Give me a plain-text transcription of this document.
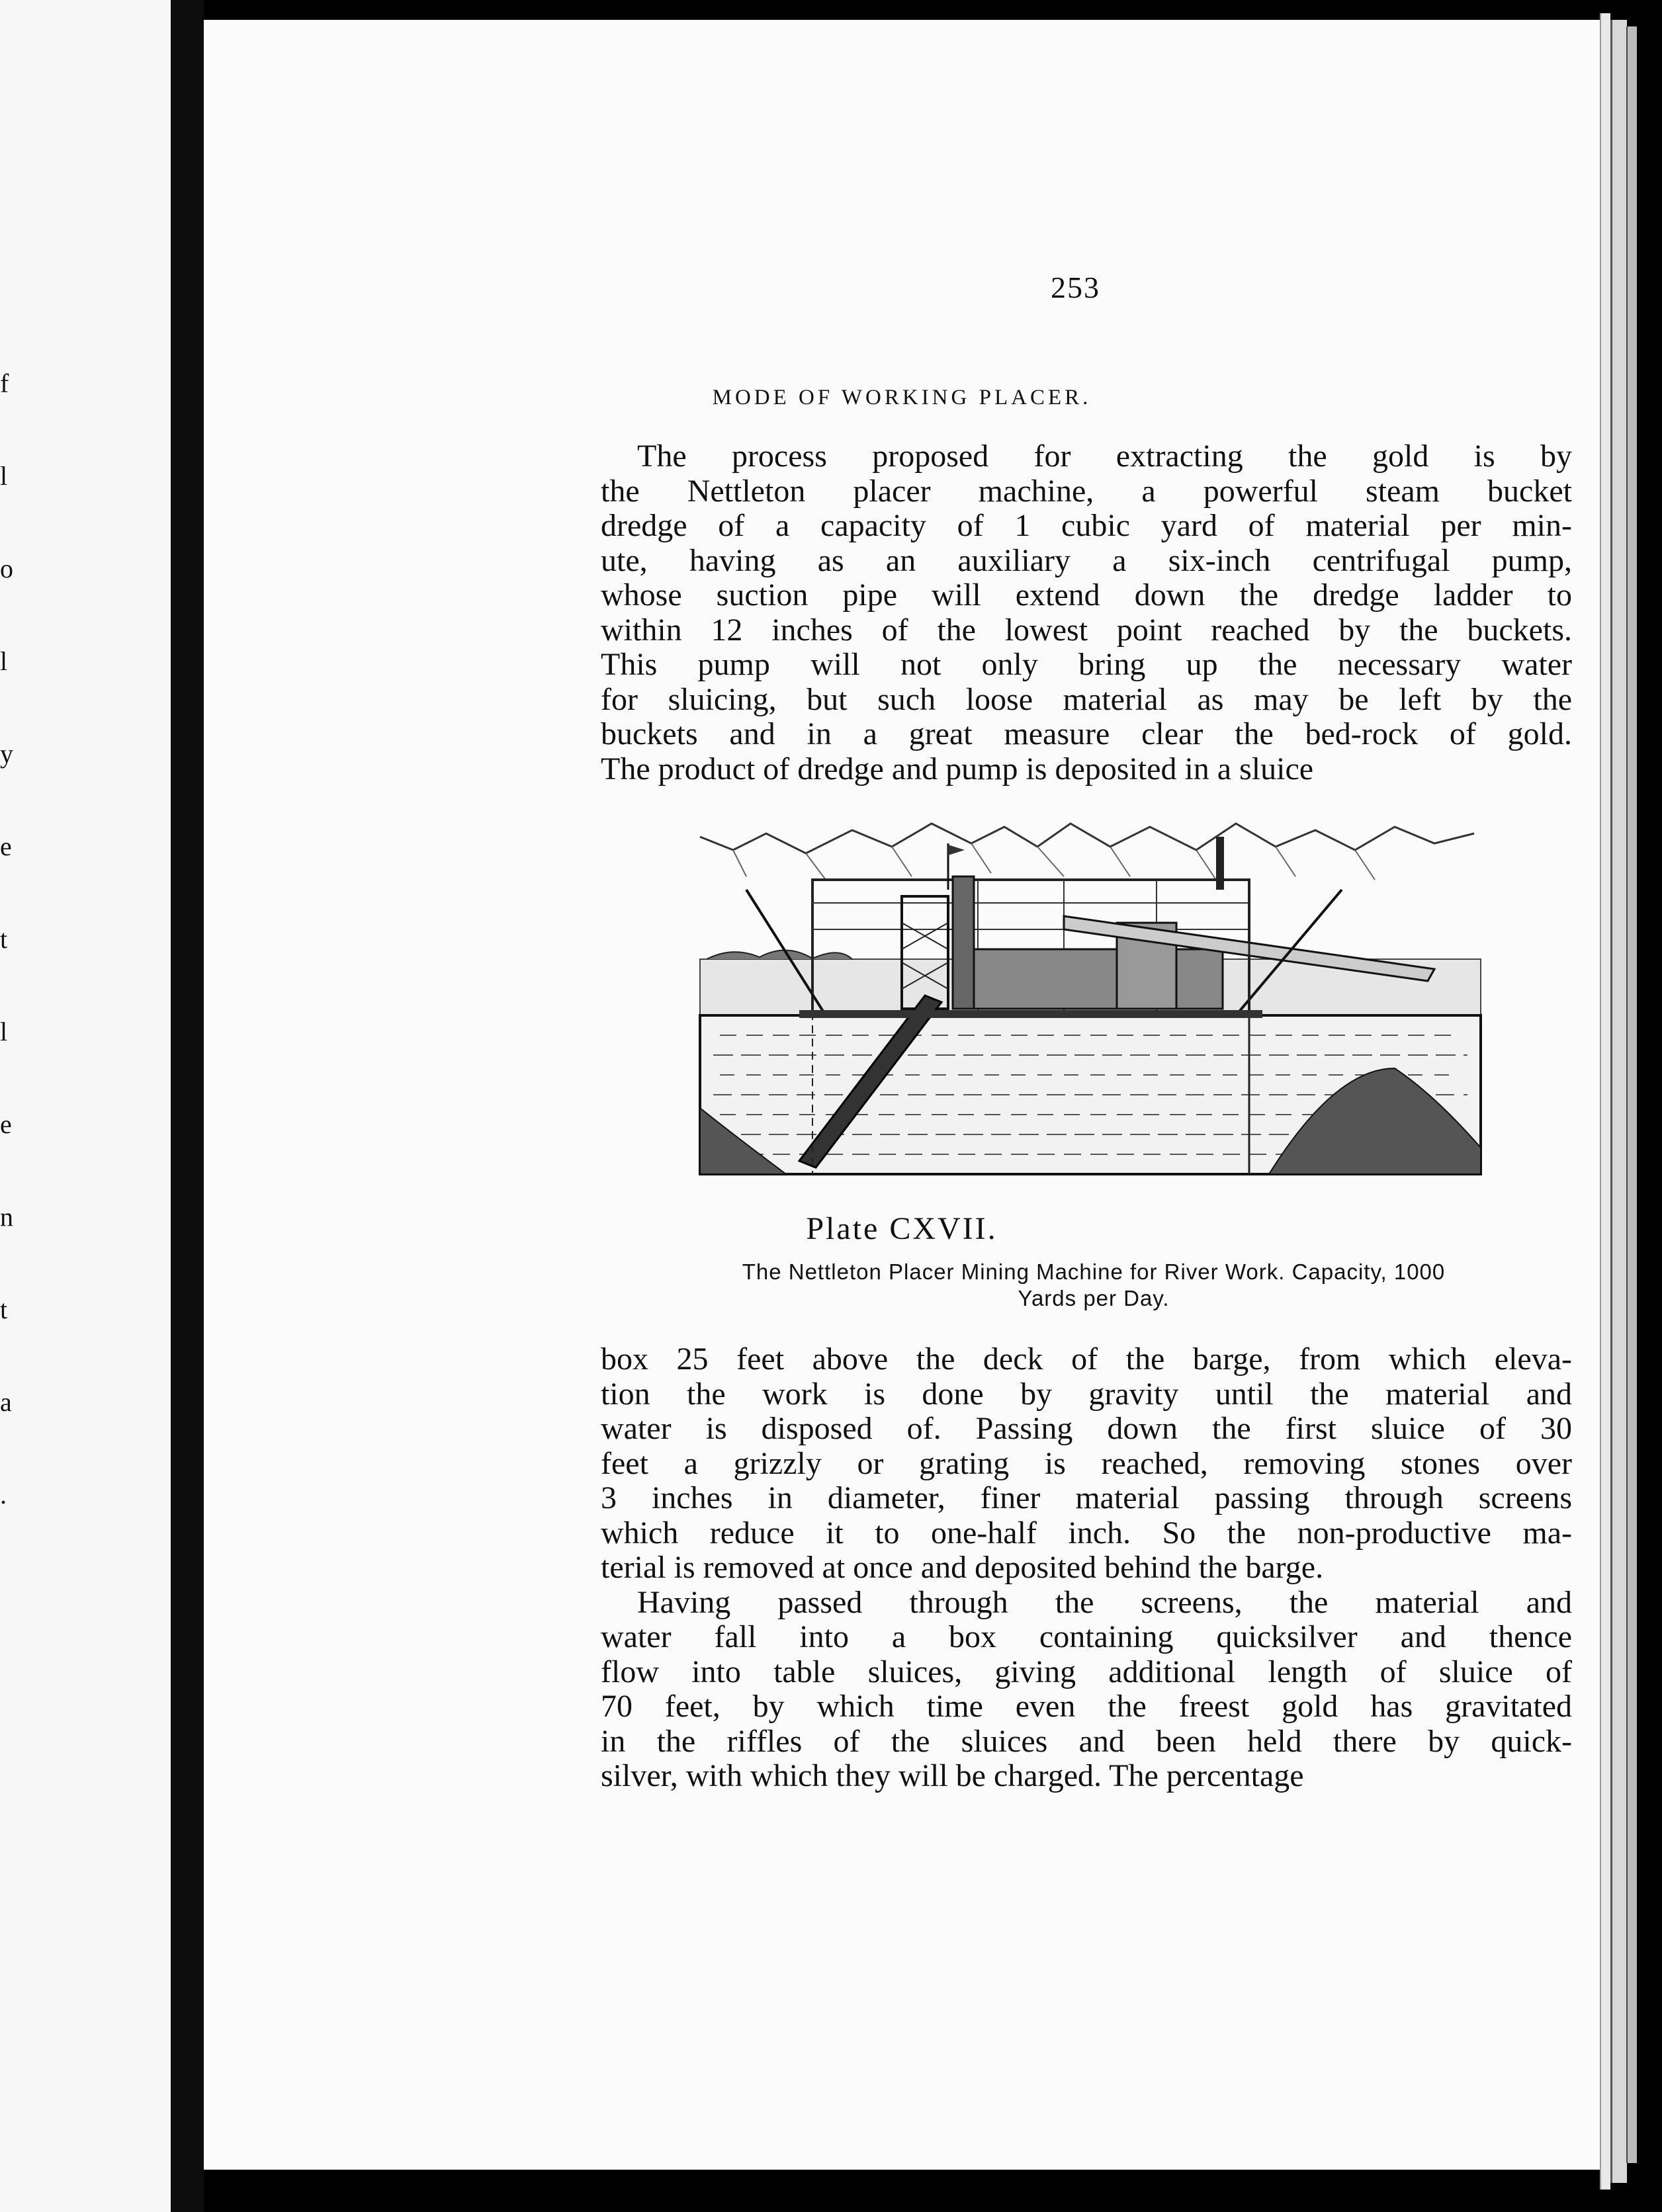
f
l
o
l
y
e
t
l
e
n
t
a
.
253
MODE OF WORKING PLACER.
The process proposed for extracting the gold is by
the Nettleton placer machine, a powerful steam bucket
dredge of a capacity of 1 cubic yard of material per min-
ute, having as an auxiliary a six-inch centrifugal pump,
whose suction pipe will extend down the dredge ladder to
within 12 inches of the lowest point reached by the buckets.
This pump will not only bring up the necessary water
for sluicing, but such loose material as may be left by the
buckets and in a great measure clear the bed-rock of gold.
The product of dredge and pump is deposited in a sluice
Plate CXVII.
The Nettleton Placer Mining Machine for River Work. Capacity, 1000
Yards per Day.
box 25 feet above the deck of the barge, from which eleva-
tion the work is done by gravity until the material and
water is disposed of. Passing down the first sluice of 30
feet a grizzly or grating is reached, removing stones over
3 inches in diameter, finer material passing through screens
which reduce it to one-half inch. So the non-productive ma-
terial is removed at once and deposited behind the barge.
Having passed through the screens, the material and
water fall into a box containing quicksilver and thence
flow into table sluices, giving additional length of sluice of
70 feet, by which time even the freest gold has gravitated
in the riffles of the sluices and been held there by quick-
silver, with which they will be charged. The percentage
